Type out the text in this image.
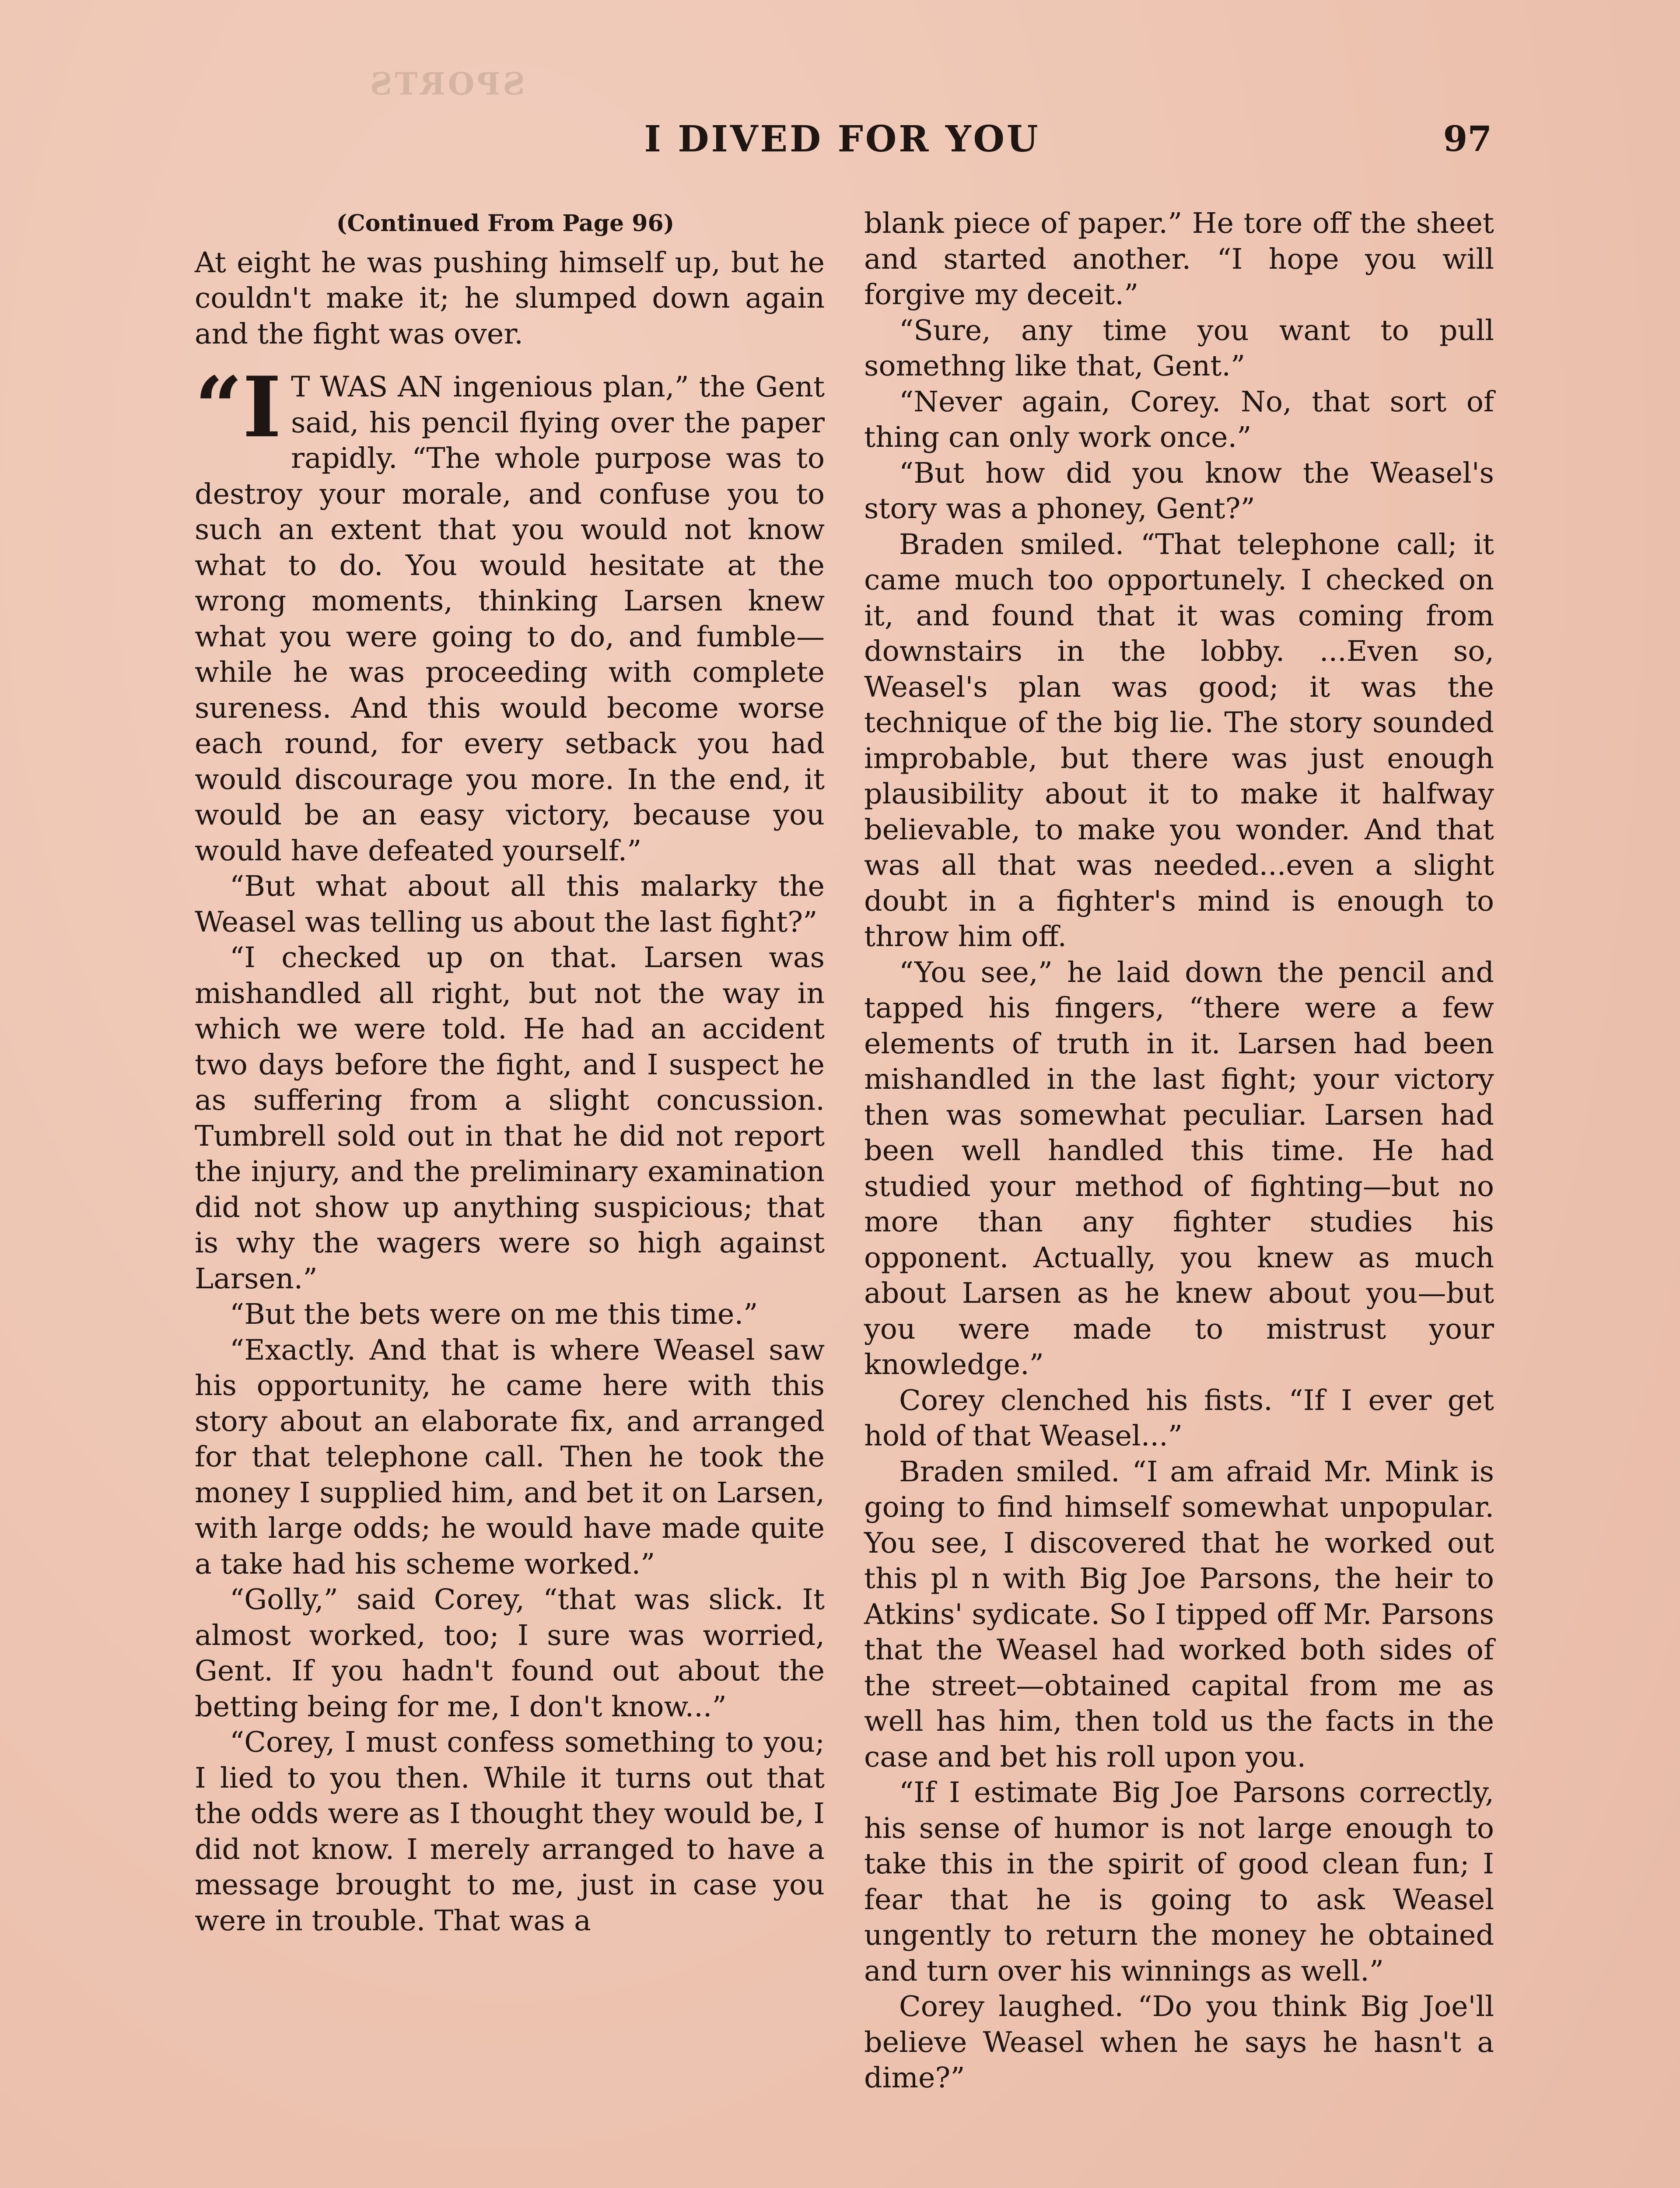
I DIVED FOR YOU	97
SPORTS
(Continued From Page 96)

At eight he was pushing himself up, but he couldn't make it; he slumped down again and the fight was over.

“I T WAS AN ingenious plan,” the Gent said, his pencil flying over the paper rapidly. “The whole purpose was to destroy your morale, and confuse you to such an extent that you would not know what to do. You would hesitate at the wrong moments, thinking Larsen knew what you were going to do, and fumble—while he was proceeding with complete sureness. And this would become worse each round, for every setback you had would discourage you more. In the end, it would be an easy victory, because you would have defeated yourself.”

“But what about all this malarky the Weasel was telling us about the last fight?”

“I checked up on that. Larsen was mishandled all right, but not the way in which we were told. He had an accident two days before the fight, and I suspect he as suffering from a slight concussion. Tumbrell sold out in that he did not report the injury, and the preliminary examination did not show up anything suspicious; that is why the wagers were so high against Larsen.”

“But the bets were on me this time.”

“Exactly. And that is where Weasel saw his opportunity, he came here with this story about an elaborate fix, and arranged for that telephone call. Then he took the money I supplied him, and bet it on Larsen, with large odds; he would have made quite a take had his scheme worked.”

“Golly,” said Corey, “that was slick. It almost worked, too; I sure was worried, Gent. If you hadn't found out about the betting being for me, I don't know...”

“Corey, I must confess something to you; I lied to you then. While it turns out that the odds were as I thought they would be, I did not know. I merely arranged to have a message brought to me, just in case you were in trouble. That was a

blank piece of paper.” He tore off the sheet and started another. “I hope you will forgive my deceit.”

“Sure, any time you want to pull somethng like that, Gent.”

“Never again, Corey. No, that sort of thing can only work once.”

“But how did you know the Weasel's story was a phoney, Gent?”

Braden smiled. “That telephone call; it came much too opportunely. I checked on it, and found that it was coming from downstairs in the lobby. ...Even so, Weasel's plan was good; it was the technique of the big lie. The story sounded improbable, but there was just enough plausibility about it to make it halfway believable, to make you wonder. And that was all that was needed...even a slight doubt in a fighter's mind is enough to throw him off.

“You see,” he laid down the pencil and tapped his fingers, “there were a few elements of truth in it. Larsen had been mishandled in the last fight; your victory then was somewhat peculiar. Larsen had been well handled this time. He had studied your method of fighting—but no more than any fighter studies his opponent. Actually, you knew as much about Larsen as he knew about you—but you were made to mistrust your knowledge.”

Corey clenched his fists. “If I ever get hold of that Weasel...”

Braden smiled. “I am afraid Mr. Mink is going to find himself somewhat unpopular. You see, I discovered that he worked out this pl n with Big Joe Parsons, the heir to Atkins' sydicate. So I tipped off Mr. Parsons that the Weasel had worked both sides of the street—obtained capital from me as well has him, then told us the facts in the case and bet his roll upon you.

“If I estimate Big Joe Parsons correctly, his sense of humor is not large enough to take this in the spirit of good clean fun; I fear that he is going to ask Weasel ungently to return the money he obtained and turn over his winnings as well.”

Corey laughed. “Do you think Big Joe'll believe Weasel when he says he hasn't a dime?”
